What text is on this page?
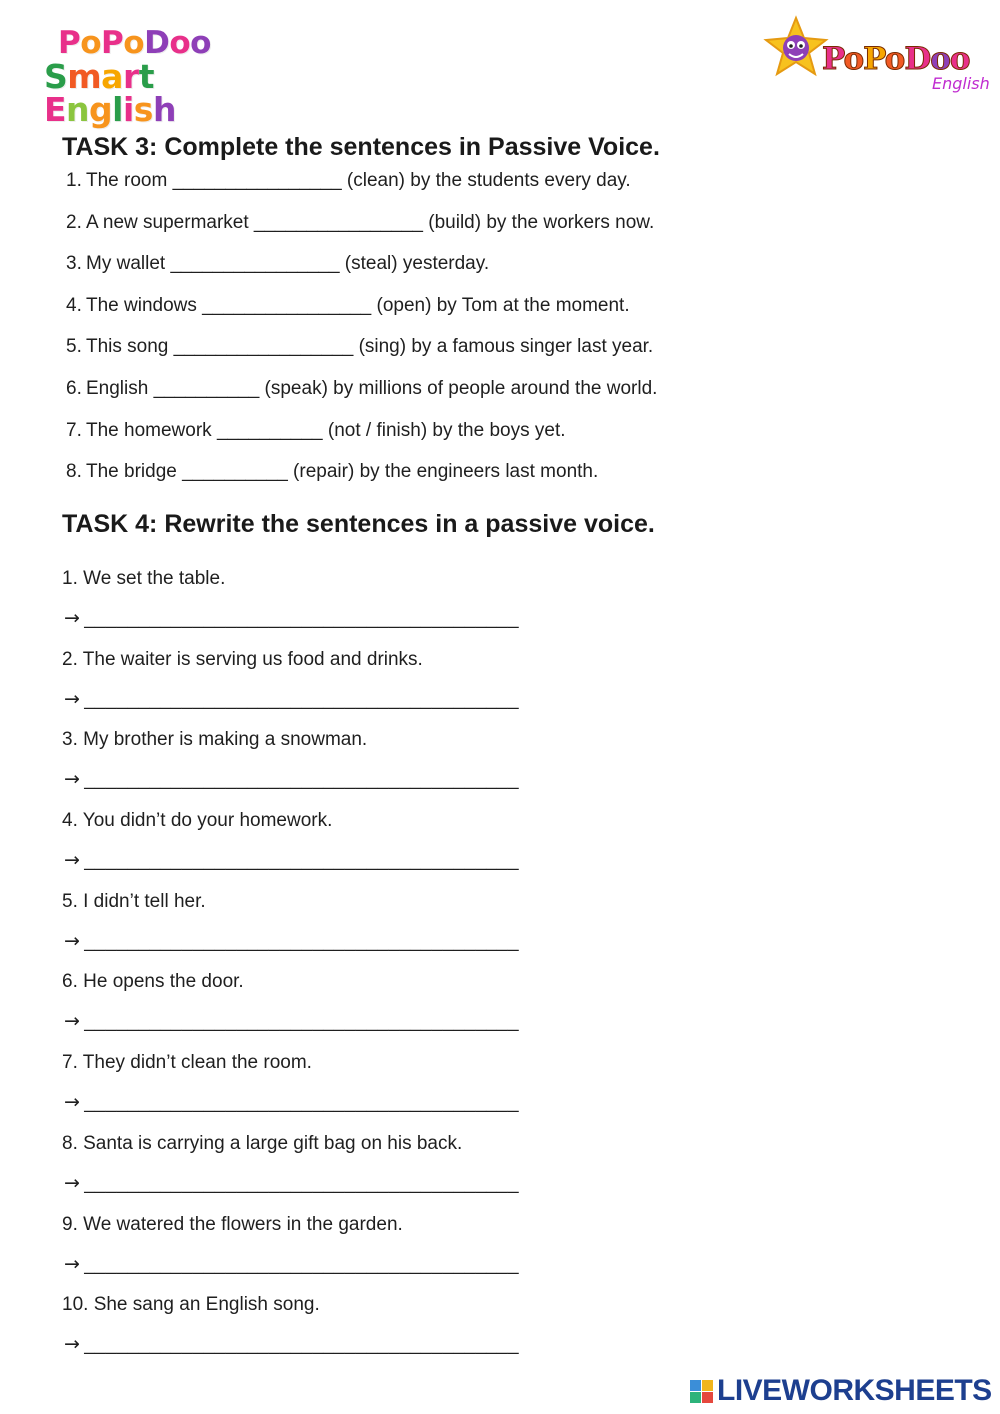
PoPoDoo
Smart English
PoPoDoo
English
TASK 3: Complete the sentences in Passive Voice.
1. The room ________________ (clean) by the students every day.
2. A new supermarket ________________ (build) by the workers now.
3. My wallet ________________ (steal) yesterday.
4. The windows ________________ (open) by Tom at the moment.
5. This song _________________ (sing) by a famous singer last year.
6. English __________ (speak) by millions of people around the world.
7. The homework __________ (not / finish) by the boys yet.
8. The bridge __________ (repair) by the engineers last month.
TASK 4: Rewrite the sentences in a passive voice.
1. We set the table.
→ ________________________________________
2. The waiter is serving us food and drinks.
→ ________________________________________
3. My brother is making a snowman.
→ ________________________________________
4. You didn’t do your homework.
→ ________________________________________
5. I didn’t tell her.
→ ________________________________________
6. He opens the door.
→ ________________________________________
7. They didn’t clean the room.
→ ________________________________________
8. Santa is carrying a large gift bag on his back.
→ ________________________________________
9. We watered the flowers in the garden.
→ ________________________________________
10. She sang an English song.
→ ________________________________________
LIVEWORKSHEETS
